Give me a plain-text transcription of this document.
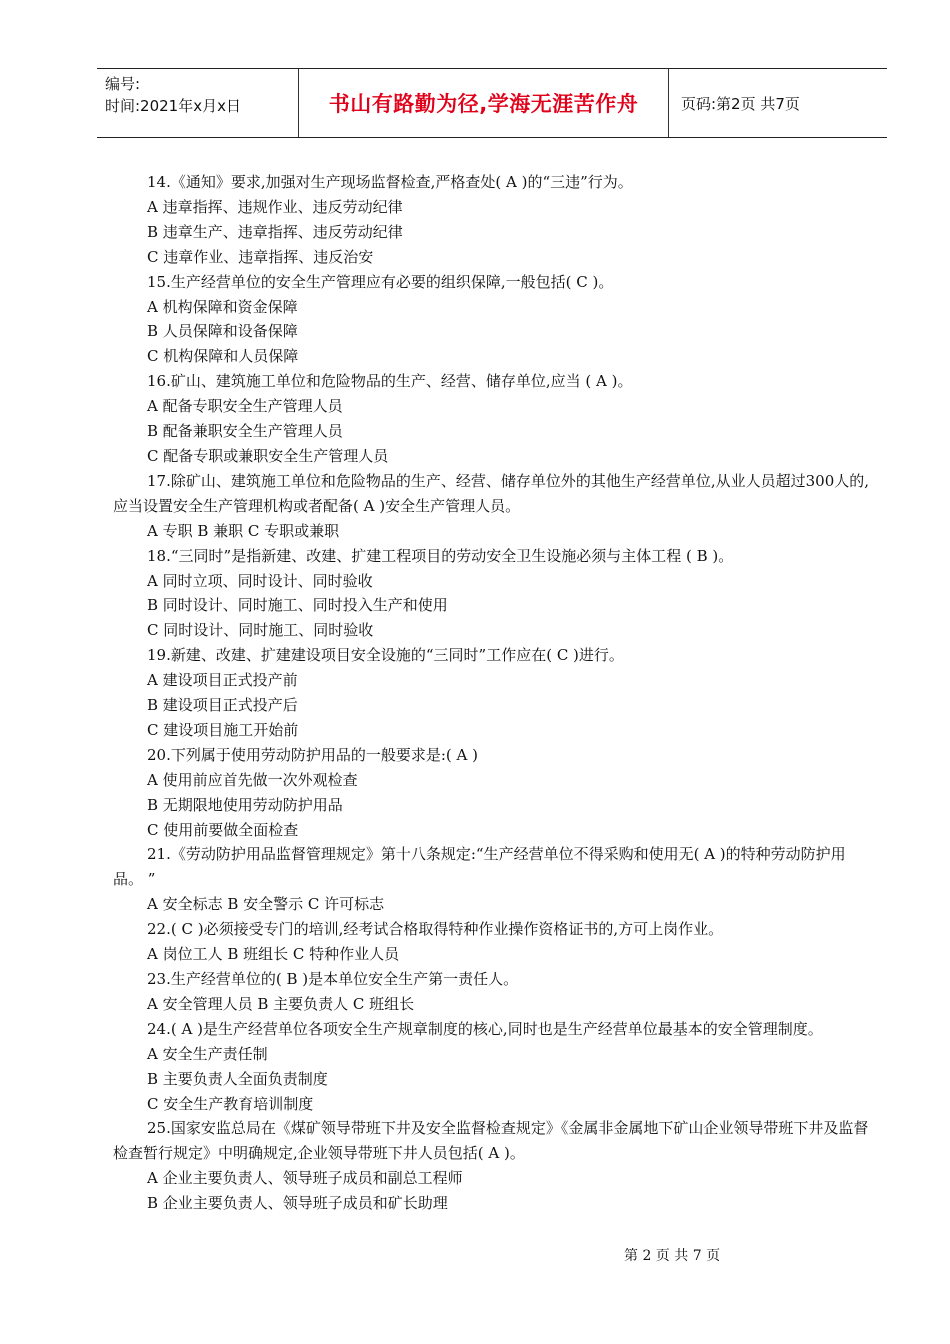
编号:
时间:2021年x月x日	书山有路勤为径,学海无涯苦作舟	页码:第2页 共7页

14.《通知》要求,加强对生产现场监督检查,严格查处( A )的“三违”行为。

A 违章指挥、违规作业、违反劳动纪律

B 违章生产、违章指挥、违反劳动纪律

C 违章作业、违章指挥、违反治安

15.生产经营单位的安全生产管理应有必要的组织保障,一般包括( C )。

A 机构保障和资金保障

B 人员保障和设备保障

C 机构保障和人员保障

16.矿山、建筑施工单位和危险物品的生产、经营、储存单位,应当 ( A )。

A 配备专职安全生产管理人员

B 配备兼职安全生产管理人员

C 配备专职或兼职安全生产管理人员

17.除矿山、建筑施工单位和危险物品的生产、经营、储存单位外的其他生产经营单位,从业人员超过300人的,应当设置安全生产管理机构或者配备( A )安全生产管理人员。

A 专职 B 兼职 C 专职或兼职

18.“三同时”是指新建、改建、扩建工程项目的劳动安全卫生设施必须与主体工程 ( B )。

A 同时立项、同时设计、同时验收

B 同时设计、同时施工、同时投入生产和使用

C 同时设计、同时施工、同时验收

19.新建、改建、扩建建设项目安全设施的“三同时”工作应在( C )进行。

A 建设项目正式投产前

B 建设项目正式投产后

C 建设项目施工开始前

20.下列属于使用劳动防护用品的一般要求是:( A )

A 使用前应首先做一次外观检查

B 无期限地使用劳动防护用品

C 使用前要做全面检查

21.《劳动防护用品监督管理规定》第十八条规定:“生产经营单位不得采购和使用无( A )的特种劳动防护用品。 ”

A 安全标志 B 安全警示 C 许可标志

22.( C )必须接受专门的培训,经考试合格取得特种作业操作资格证书的,方可上岗作业。

A 岗位工人 B 班组长 C 特种作业人员

23.生产经营单位的( B )是本单位安全生产第一责任人。

A 安全管理人员 B 主要负责人 C 班组长

24.( A )是生产经营单位各项安全生产规章制度的核心,同时也是生产经营单位最基本的安全管理制度。

A 安全生产责任制

B 主要负责人全面负责制度

C 安全生产教育培训制度

25.国家安监总局在《煤矿领导带班下井及安全监督检查规定》《金属非金属地下矿山企业领导带班下井及监督检查暂行规定》中明确规定,企业领导带班下井人员包括( A )。

A 企业主要负责人、领导班子成员和副总工程师

B 企业主要负责人、领导班子成员和矿长助理

第 2 页 共 7 页
